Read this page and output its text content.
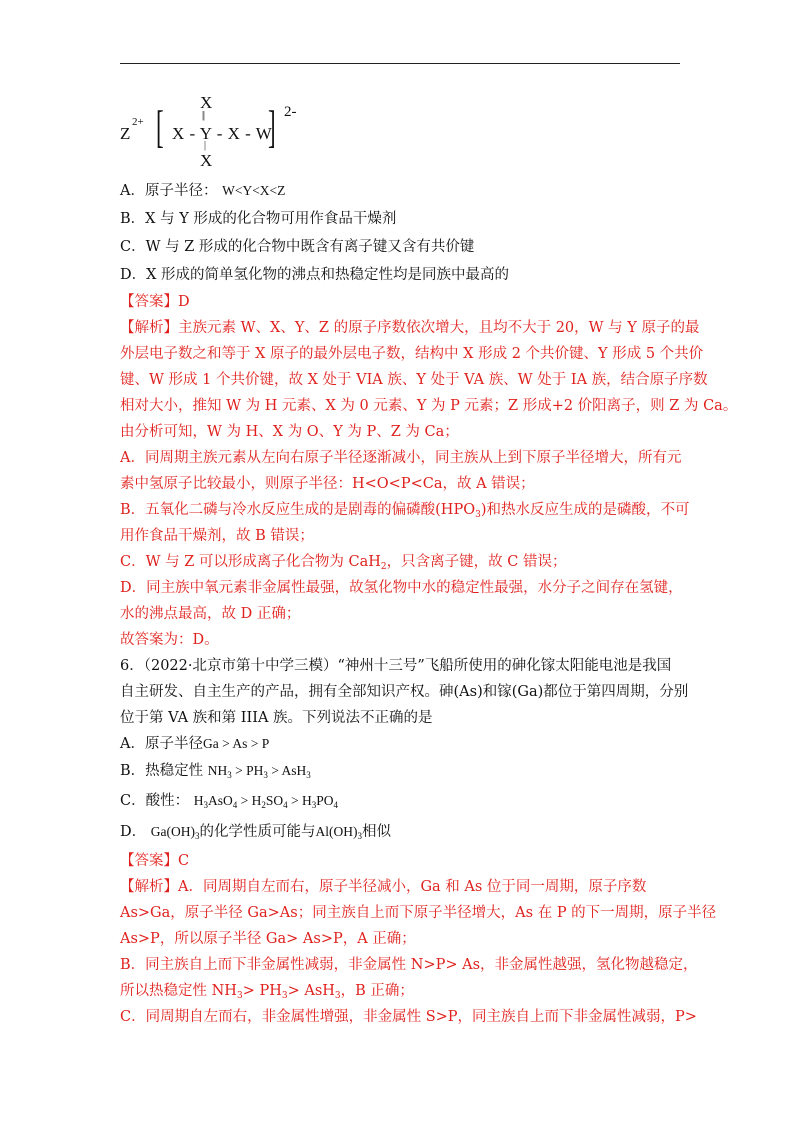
Z
2+ [ X
||
X - Y - X - W
|
X
] 2-
A．原子半径： W<Y<X<Z
B．X 与 Y 形成的化合物可用作食品干燥剂
C．W 与 Z 形成的化合物中既含有离子键又含有共价键
D．X 形成的简单氢化物的沸点和热稳定性均是同族中最高的
【答案】D
【解析】主族元素 W、X、Y、Z 的原子序数依次增大，且均不大于 20，W 与 Y 原子的最
外层电子数之和等于 X 原子的最外层电子数，结构中 X 形成 2 个共价键、Y 形成 5 个共价
键、W 形成 1 个共价键，故 X 处于 VIA 族、Y 处于 VA 族、W 处于 IA 族，结合原子序数
相对大小，推知 W 为 H 元素、X 为 0 元素、Y 为 P 元素；Z 形成+2 价阳离子，则 Z 为 Ca。
由分析可知，W 为 H、X 为 O、Y 为 P、Z 为 Ca；
A．同周期主族元素从左向右原子半径逐渐减小，同主族从上到下原子半径增大，所有元
素中氢原子比较最小，则原子半径：H<O<P<Ca，故 A 错误；
B．五氧化二磷与冷水反应生成的是剧毒的偏磷酸$(HPO_3)$和热水反应生成的是磷酸，不可
用作食品干燥剂，故 B 错误；
C．W 与 Z 可以形成离子化合物为 CaH$_2$，只含离子键，故 C 错误；
D．同主族中氧元素非金属性最强，故氢化物中水的稳定性最强，水分子之间存在氢键，
水的沸点最高，故 D 正确；
故答案为：D。
6．（2022·北京市第十中学三模）“神州十三号”飞船所使用的砷化镓太阳能电池是我国
自主研发、自主生产的产品，拥有全部知识产权。砷(As)和镓(Ga)都位于第四周期，分别
位于第 VA 族和第 IIIA 族。下列说法不正确的是
A．原子半径Ga > As > P
B．热稳定性 $NH_3 > PH_3 > AsH_3$
C．酸性： $H_3AsO_4 > H_2SO_4 > H_3PO_4$
D． $Ga(OH)_3$的化学性质可能与$Al(OH)_3$相似
【答案】C
【解析】A．同周期自左而右，原子半径减小，Ga 和 As 位于同一周期，原子序数
As>Ga，原子半径 Ga>As；同主族自上而下原子半径增大，As 在 P 的下一周期，原子半径
As>P，所以原子半径 Ga> As>P，A 正确；
B．同主族自上而下非金属性减弱，非金属性 N>P> As，非金属性越强，氢化物越稳定，
所以热稳定性 $NH_3> PH_3> AsH_3$，B 正确；
C．同周期自左而右，非金属性增强，非金属性 S>P，同主族自上而下非金属性减弱，P>
